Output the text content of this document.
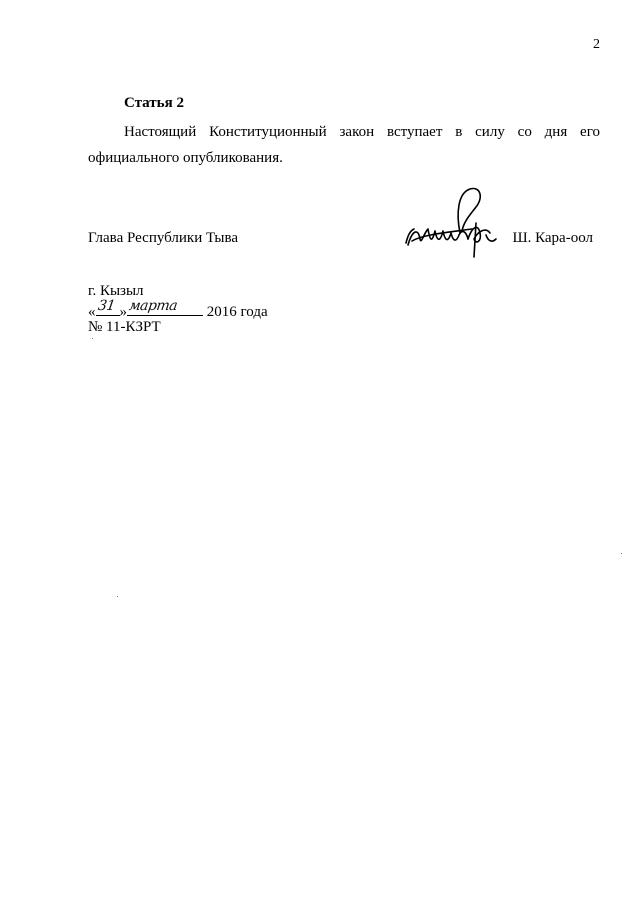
2
Статья 2

Настоящий Конституционный закон вступает в силу со дня его официального опубликования.

Глава Республики Тыва	Ш. Кара-оол
г. Кызыл
« 31 » марта 2016 года
№ 11-КЗРТ
